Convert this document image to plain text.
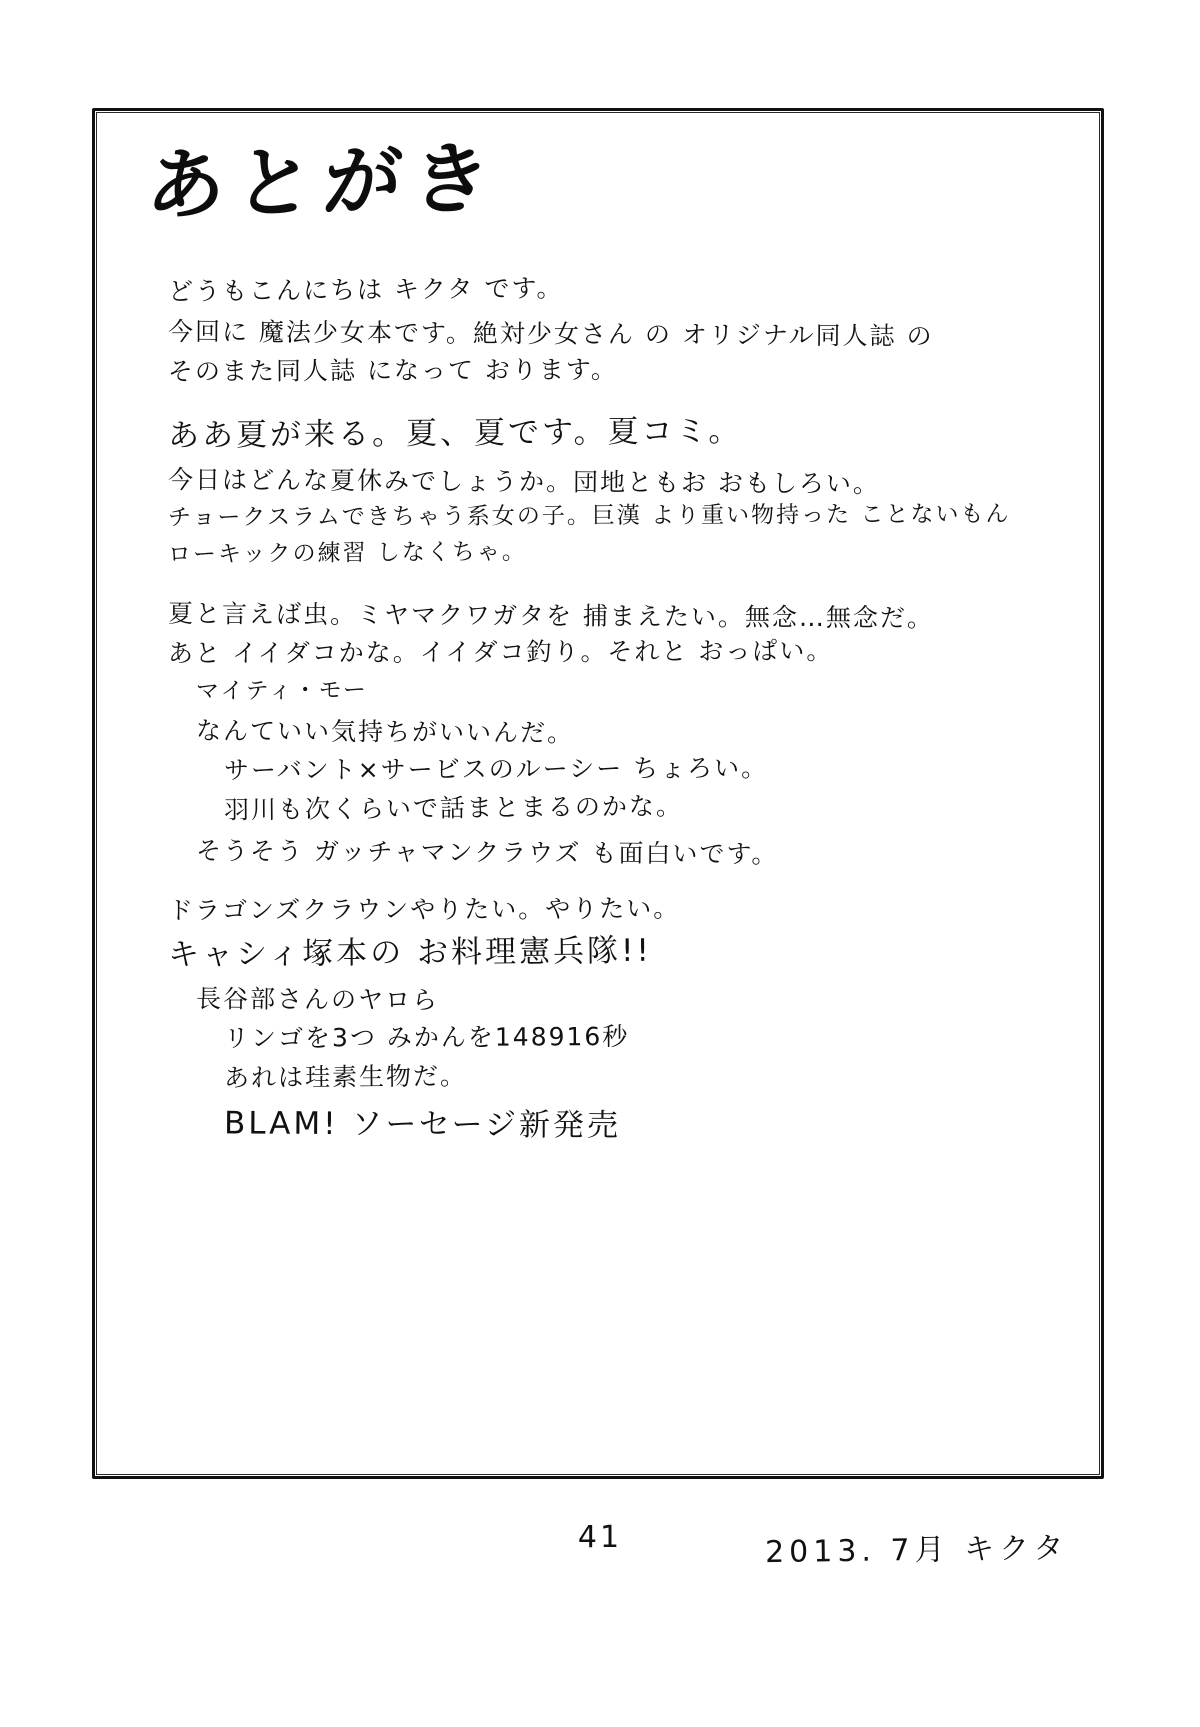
あとがき
どうもこんにちは キクタ です。
今回に 魔法少女本です。絶対少女さん の オリジナル同人誌 の
そのまた同人誌 になって おります。
ああ夏が来る。夏、夏です。夏コミ。
今日はどんな夏休みでしょうか。団地ともお おもしろい。
チョークスラムできちゃう系女の子。巨漢 より重い物持った ことないもん
ローキックの練習 しなくちゃ。
夏と言えば虫。ミヤマクワガタを 捕まえたい。無念…無念だ。
あと イイダコかな。イイダコ釣り。それと おっぱい。
マイティ・モー
なんていい気持ちがいいんだ。
サーバント×サービスのルーシー ちょろい。
羽川も次くらいで話まとまるのかな。
そうそう ガッチャマンクラウズ も面白いです。
ドラゴンズクラウンやりたい。やりたい。
キャシィ塚本の お料理憲兵隊!!
長谷部さんのヤロら
リンゴを3つ みかんを148916秒
あれは珪素生物だ。
BLAM! ソーセージ新発売
2013. 7月 キクタ
41
